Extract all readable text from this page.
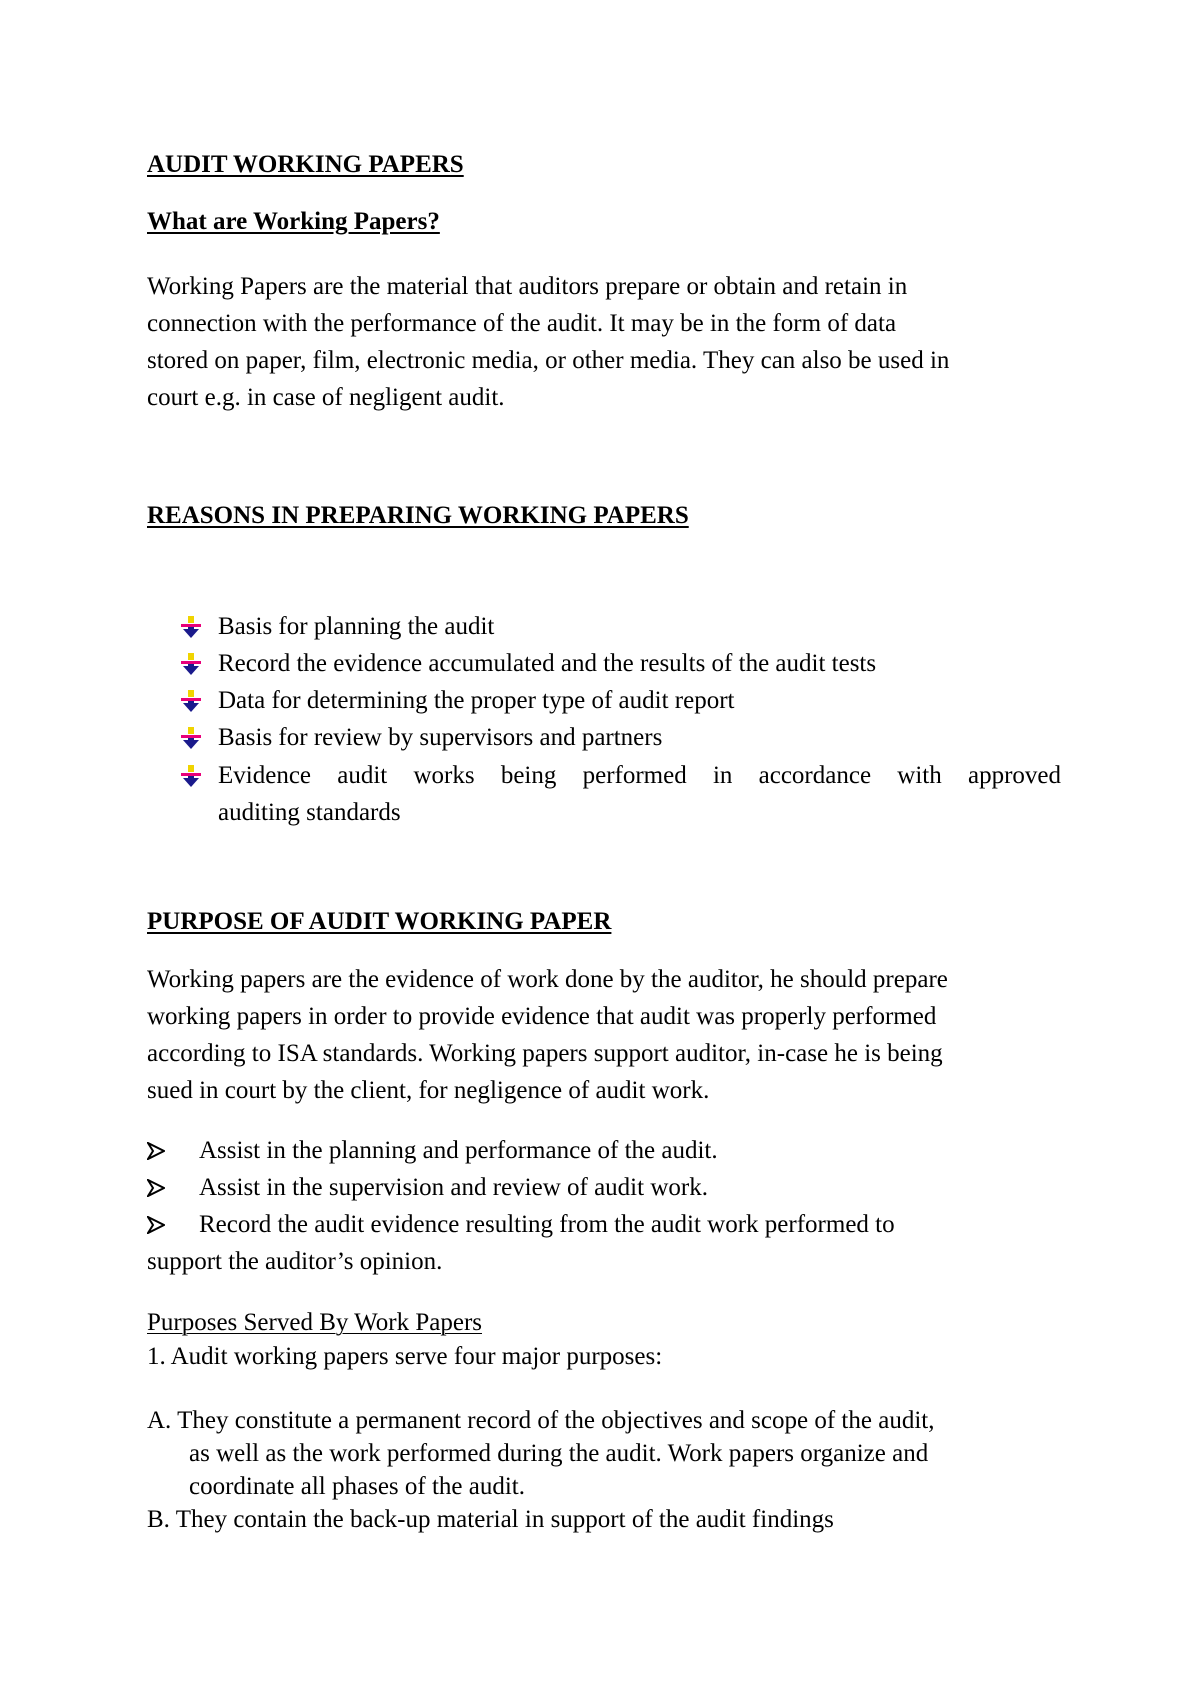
AUDIT WORKING PAPERS

What are Working Papers?

Working Papers are the material that auditors prepare or obtain and retain in

connection with the performance of the audit. It may be in the form of data

stored on paper, film, electronic media, or other media. They can also be used in

court e.g. in case of negligent audit.

REASONS IN PREPARING WORKING PAPERS

Basis for planning the audit
Record the evidence accumulated and the results of the audit tests
Data for determining the proper type of audit report
Basis for review by supervisors and partners
Evidence audit works being performed in accordance with approved

auditing standards

PURPOSE OF AUDIT WORKING PAPER

Working papers are the evidence of work done by the auditor, he should prepare

working papers in order to provide evidence that audit was properly performed

according to ISA standards. Working papers support auditor, in-case he is being

sued in court by the client, for negligence of audit work.

Assist in the planning and performance of the audit.
Assist in the supervision and review of audit work.
Record the audit evidence resulting from the audit work performed to

support the auditor’s opinion.

Purposes Served By Work Papers

1. Audit working papers serve four major purposes:

A. They constitute a permanent record of the objectives and scope of the audit,

as well as the work performed during the audit. Work papers organize and

coordinate all phases of the audit.

B. They contain the back-up material in support of the audit findings
